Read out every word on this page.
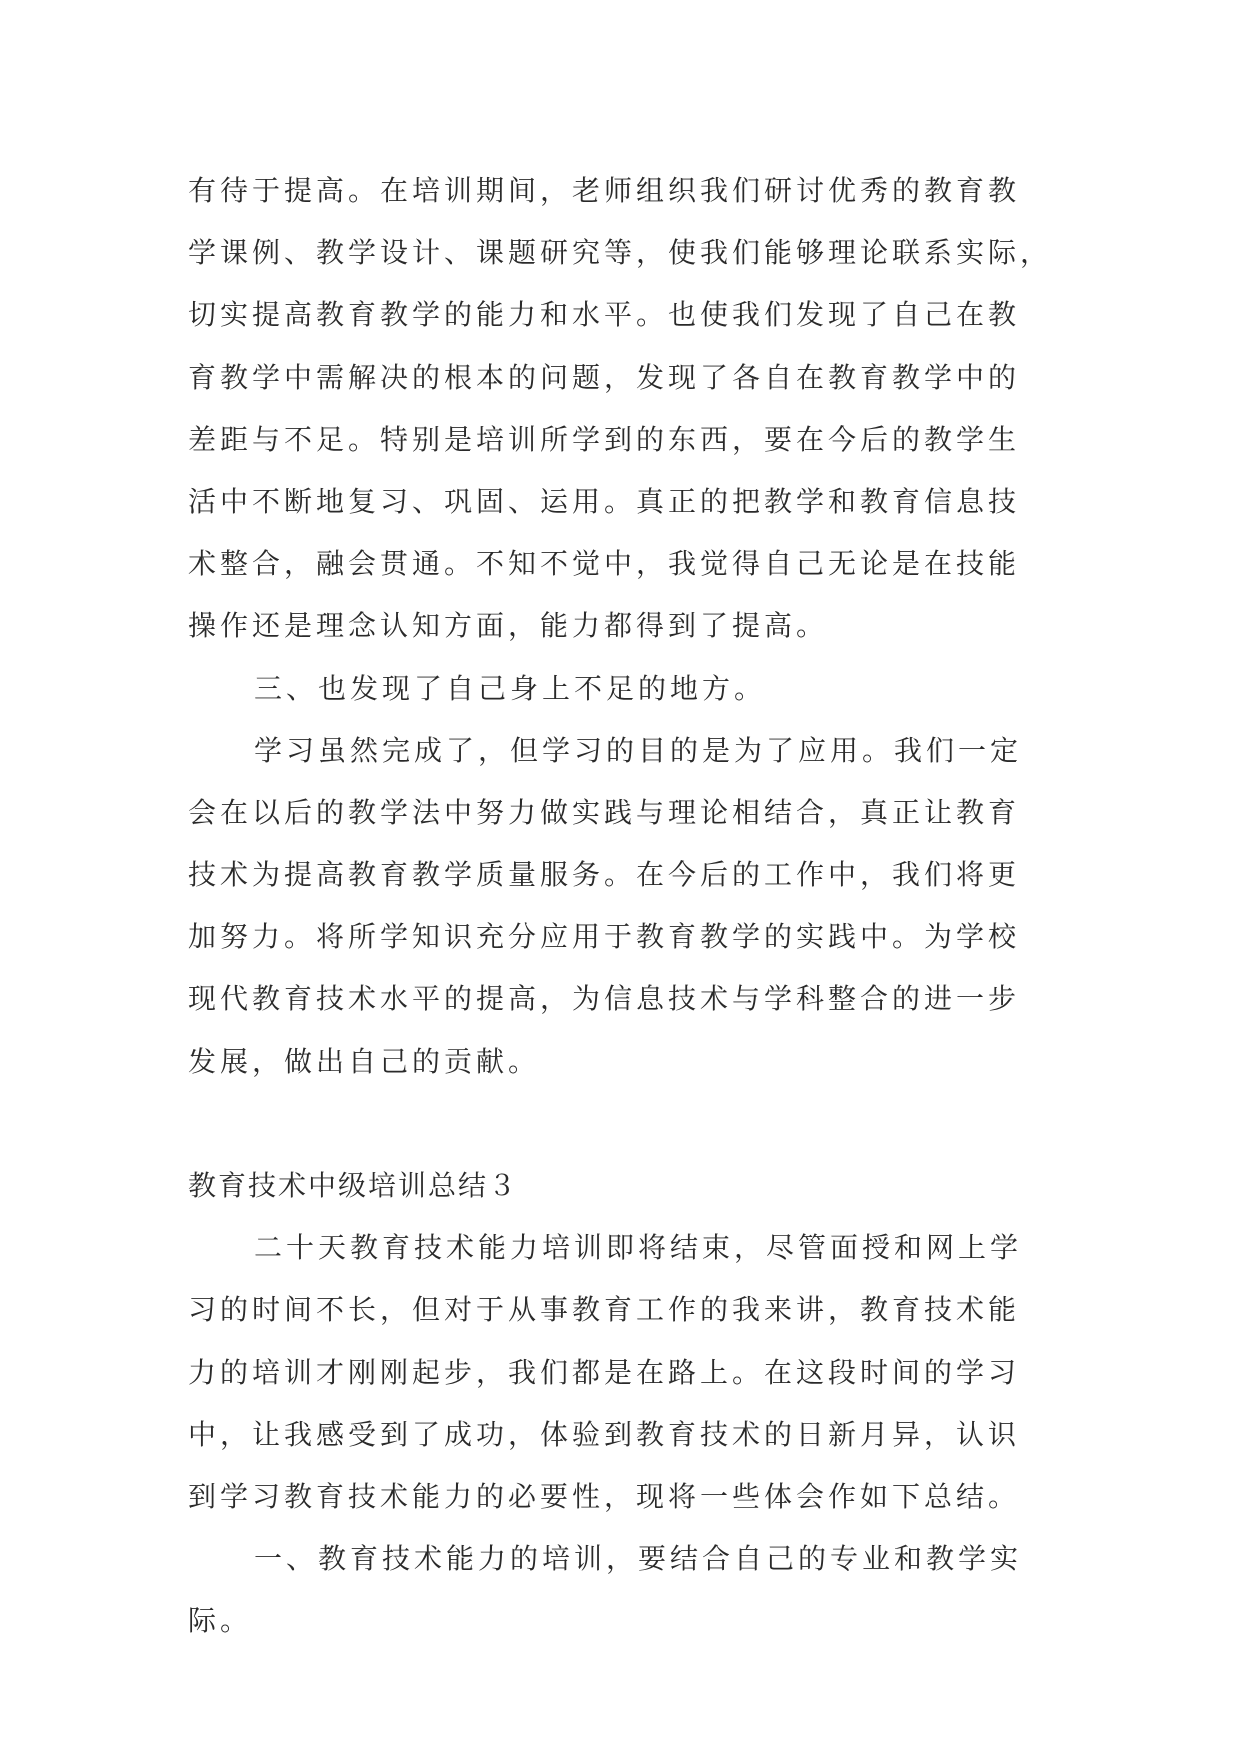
有待于提高。在培训期间，老师组织我们研讨优秀的教育教
学课例、教学设计、课题研究等，使我们能够理论联系实际，
切实提高教育教学的能力和水平。也使我们发现了自己在教
育教学中需解决的根本的问题，发现了各自在教育教学中的
差距与不足。特别是培训所学到的东西，要在今后的教学生
活中不断地复习、巩固、运用。真正的把教学和教育信息技
术整合，融会贯通。不知不觉中，我觉得自己无论是在技能
操作还是理念认知方面，能力都得到了提高。
三、也发现了自己身上不足的地方。
学习虽然完成了，但学习的目的是为了应用。我们一定
会在以后的教学法中努力做实践与理论相结合，真正让教育
技术为提高教育教学质量服务。在今后的工作中，我们将更
加努力。将所学知识充分应用于教育教学的实践中。为学校
现代教育技术水平的提高，为信息技术与学科整合的进一步
发展，做出自己的贡献。
教育技术中级培训总结３
二十天教育技术能力培训即将结束，尽管面授和网上学
习的时间不长，但对于从事教育工作的我来讲，教育技术能
力的培训才刚刚起步，我们都是在路上。在这段时间的学习
中，让我感受到了成功，体验到教育技术的日新月异，认识
到学习教育技术能力的必要性，现将一些体会作如下总结。
一、教育技术能力的培训，要结合自己的专业和教学实
际。
